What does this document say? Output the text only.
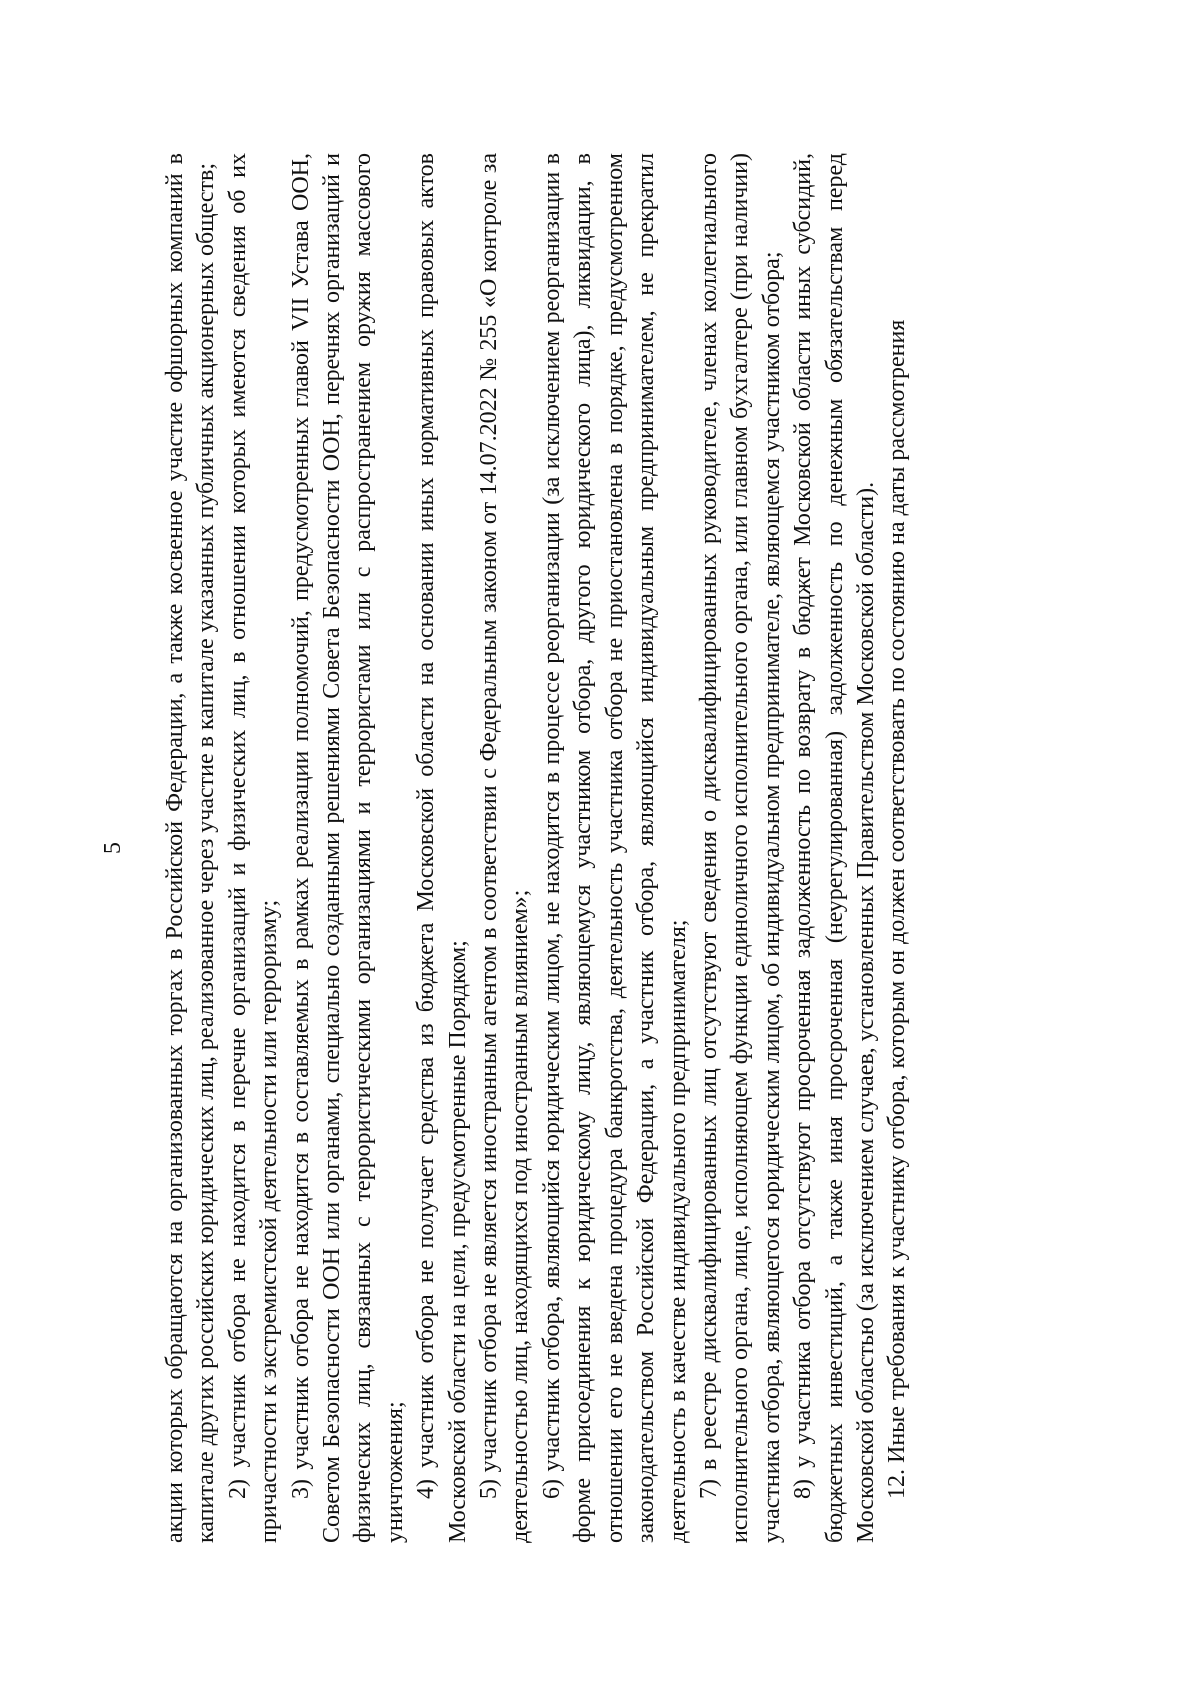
5 акции которых обращаются на организованных торгах в Российской Федерации, а также косвенное участие офшорных компаний в капитале других российских юридических лиц, реализованное через участие в капитале указанных публичных акционерных обществ; 2) участник отбора не находится в перечне организаций и физических лиц, в отношении которых имеются сведения об их причастности к экстремистской деятельности или терроризму; 3) участник отбора не находится в составляемых в рамках реализации полномочий, предусмотренных главой VII Устава ООН, Советом Безопасности ООН или органами, специально созданными решениями Совета Безопасности ООН, перечнях организаций и физических лиц, связанных с террористическими организациями и террористами или с распространением оружия массового уничтожения; 4) участник отбора не получает средства из бюджета Московской области на основании иных нормативных правовых актов Московской области на цели, предусмотренные Порядком; 5) участник отбора не является иностранным агентом в соответствии с Федеральным законом от 14.07.2022 № 255 «О контроле за деятельностью лиц, находящихся под иностранным влиянием»; 6) участник отбора, являющийся юридическим лицом, не находится в процессе реорганизации (за исключением реорганизации в форме присоединения к юридическому лицу, являющемуся участником отбора, другого юридического лица), ликвидации, в отношении его не введена процедура банкротства, деятельность участника отбора не приостановлена в порядке, предусмотренном законодательством Российской Федерации, а участник отбора, являющийся индивидуальным предпринимателем, не прекратил деятельность в качестве индивидуального предпринимателя; 7) в реестре дисквалифицированных лиц отсутствуют сведения о дисквалифицированных руководителе, членах коллегиального исполнительного органа, лице, исполняющем функции единоличного исполнительного органа, или главном бухгалтере (при наличии) участника отбора, являющегося юридическим лицом, об индивидуальном предпринимателе, являющемся участником отбора; 8) у участника отбора отсутствуют просроченная задолженность по возврату в бюджет Московской области иных субсидий, бюджетных инвестиций, а также иная просроченная (неурегулированная) задолженность по денежным обязательствам перед Московской областью (за исключением случаев, установленных Правительством Московской области). 12. Иные требования к участнику отбора, которым он должен соответствовать по состоянию на даты рассмотрения
